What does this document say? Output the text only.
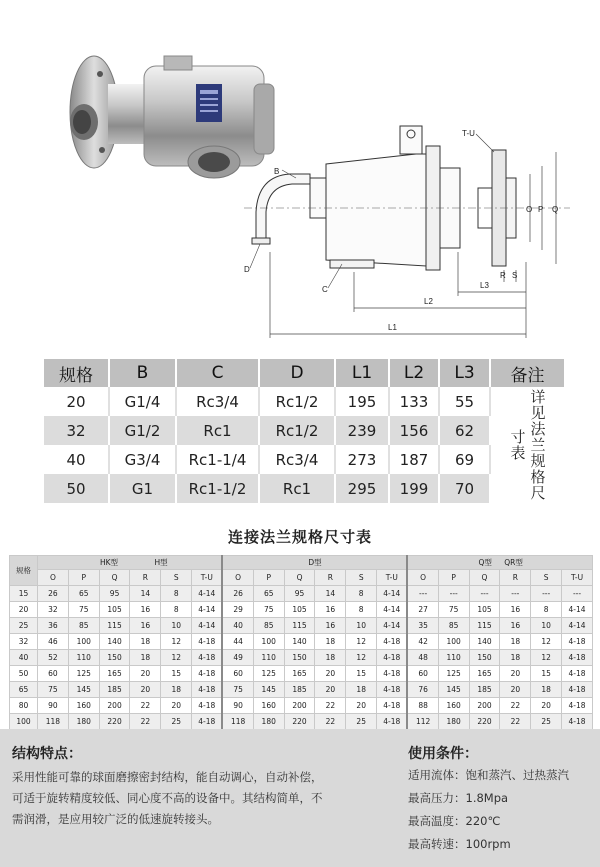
B
C
D
T-U
O P Q
R S
L1
L2
L3
规格	B	C	D	L1	L2	L3	备注
20	G1/4	Rc3/4	Rc1/2	195	133	55	详见法兰规格尺寸表
32	G1/2	Rc1	Rc1/2	239	156	62	
40	G3/4	Rc1-1/4	Rc3/4	273	187	69	
50	G1	Rc1-1/2	Rc1	295	199	70	
连接法兰规格尺寸表
规格	HK型 H型						D型						Q型 QR型					
	O	P	Q	R	S	T-U	O	P	Q	R	S	T-U	O	P	Q	R	S	T-U
15	26	65	95	14	8	4-14	26	65	95	14	8	4-14	---	---	---	---	---	---
20	32	75	105	16	8	4-14	29	75	105	16	8	4-14	27	75	105	16	8	4-14
25	36	85	115	16	10	4-14	40	85	115	16	10	4-14	35	85	115	16	10	4-14
32	46	100	140	18	12	4-18	44	100	140	18	12	4-18	42	100	140	18	12	4-18
40	52	110	150	18	12	4-18	49	110	150	18	12	4-18	48	110	150	18	12	4-18
50	60	125	165	20	15	4-18	60	125	165	20	15	4-18	60	125	165	20	15	4-18
65	75	145	185	20	18	4-18	75	145	185	20	18	4-18	76	145	185	20	18	4-18
80	90	160	200	22	20	4-18	90	160	200	22	20	4-18	88	160	200	22	20	4-18
100	118	180	220	22	25	4-18	118	180	220	22	25	4-18	112	180	220	22	25	4-18
结构特点：
采用性能可靠的球面磨擦密封结构，能自动调心，自动补偿，
可适于旋转精度较低、同心度不高的设备中。其结构简单，不
需润滑，是应用较广泛的低速旋转接头。
使用条件：
适用流体：饱和蒸汽、过热蒸汽
最高压力：1.8Mpa
最高温度：220℃
最高转速：100rpm
